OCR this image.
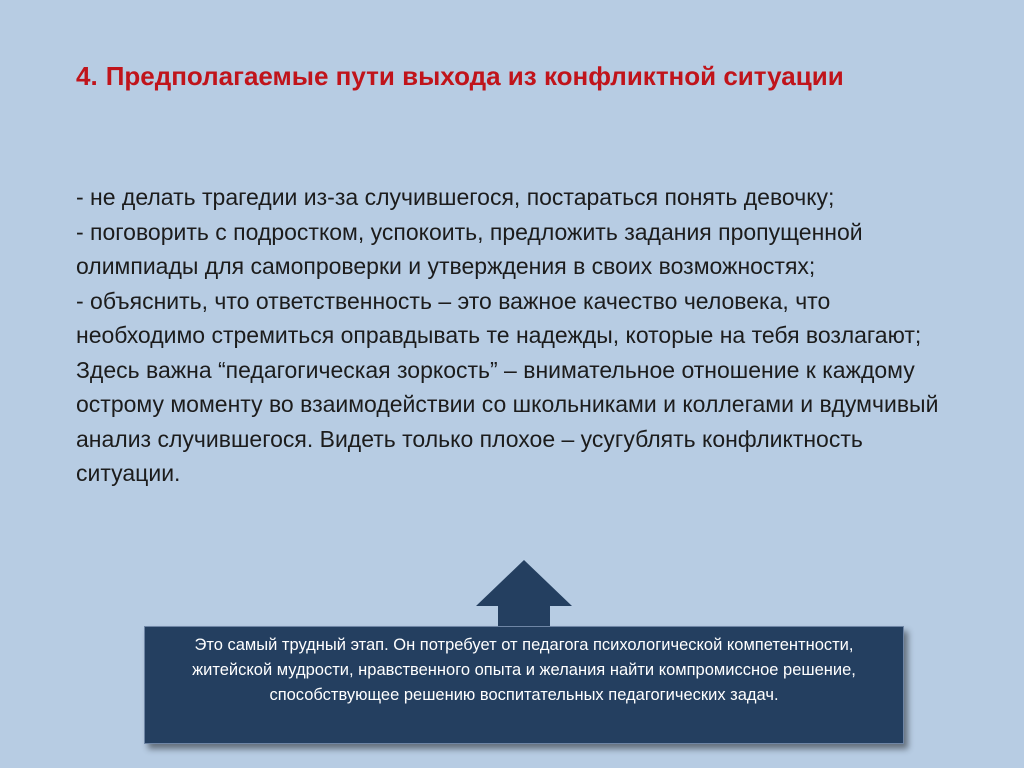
4. Предполагаемые пути выхода из конфликтной ситуации

- не делать трагедии из-за случившегося, постараться понять девочку;

- поговорить с подростком, успокоить, предложить задания пропущенной олимпиады для самопроверки и утверждения в своих возможностях;

- объяснить, что ответственность – это важное качество человека, что необходимо стремиться оправдывать те надежды, которые на тебя возлагают;

Здесь важна “педагогическая зоркость” – внимательное отношение к каждому острому моменту во взаимодействии со школьниками и коллегами и вдумчивый анализ случившегося. Видеть только плохое – усугублять конфликтность ситуации.

Это самый трудный этап. Он потребует от педагога психологической компетентности, житейской мудрости, нравственного опыта и желания найти компромиссное решение, способствующее решению воспитательных педагогических задач.
